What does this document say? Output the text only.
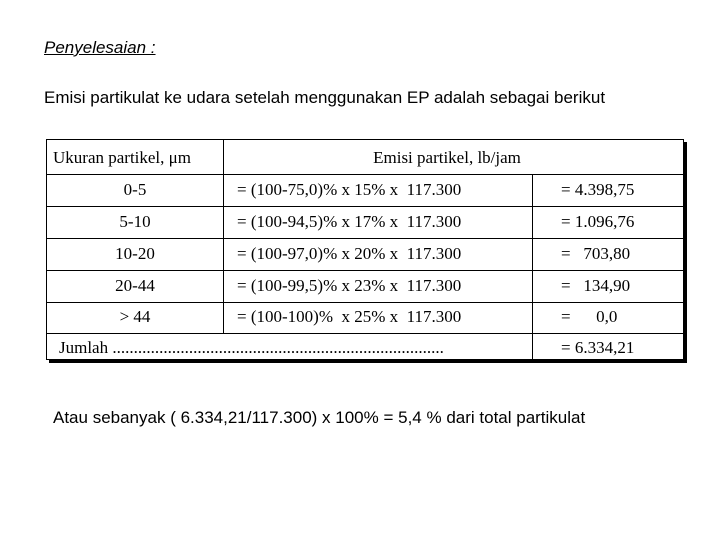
Penyelesaian :
Emisi partikulat ke udara setelah menggunakan EP adalah sebagai berikut
Ukuran partikel, μm	Emisi partikel, lb/jam
0-5	= (100-75,0)% x 15% x  117.300	= 4.398,75
5-10	= (100-94,5)% x 17% x  117.300	= 1.096,76
10-20	= (100-97,0)% x 20% x  117.300	=   703,80
20-44	= (100-99,5)% x 23% x  117.300	=   134,90
> 44	= (100-100)%  x 25% x  117.300	=      0,0
Jumlah ..............................................................................	= 6.334,21
Atau sebanyak ( 6.334,21/117.300) x 100% = 5,4 % dari total partikulat
